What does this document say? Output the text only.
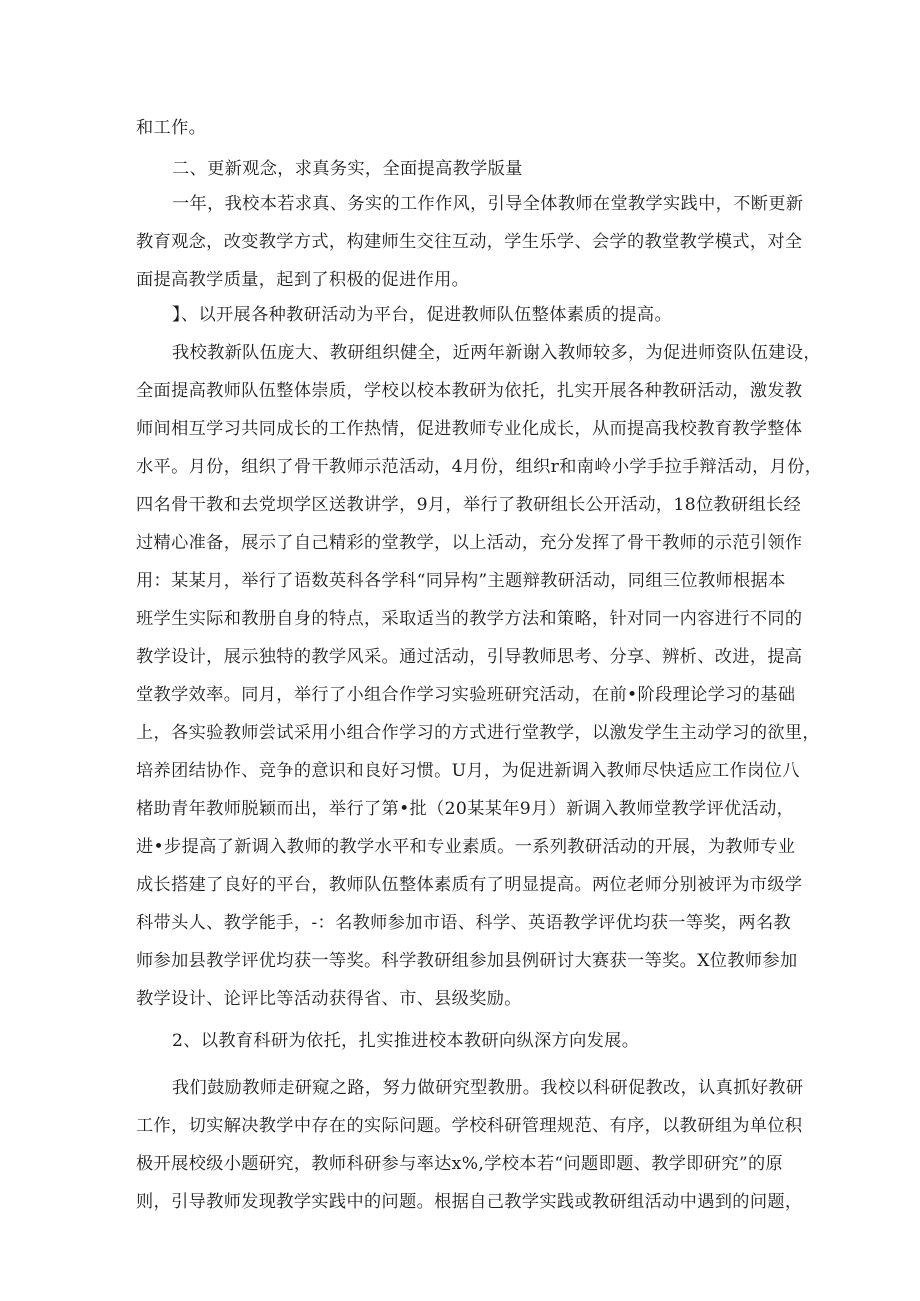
和工作。

二、更新观念，求真务实，全面提高教学版量

一年，我校本若求真、务实的工作作风，引导全体教师在堂教学实践中，不断更新

教育观念，改变教学方式，构建师生交往互动，学生乐学、会学的教堂教学模式，对全

面提高教学质量，起到了积极的促进作用。

】、以开展各种教研活动为平台，促进教师队伍整体素质的提高。

我校教新队伍庞大、教研组织健全，近两年新谢入教师较多，为促进师资队伍建设，

全面提高教师队伍整体崇质，学校以校本教研为依托，扎实开展各种教研活动，激发教

师间相互学习共同成长的工作热情，促进教师专业化成长，从而提高我校教育教学整体

水平。月份，组织了骨干教师示范活动，4月份，组织r和南岭小学手拉手辩活动，月份，

四名骨干教和去党坝学区送教讲学，9月，举行了教研组长公开活动，18位教研组长经

过精心准备，展示了自己精彩的堂教学，以上活动，充分发挥了骨干教师的示范引领作

用：某某月，举行了语数英科各学科“同异构”主题辩教研活动，同组三位教师根据本

班学生实际和教册自身的特点，采取适当的教学方法和策略，针对同一内容进行不同的

教学设计，展示独特的教学风采。通过活动，引导教师思考、分享、辨析、改进，提高

堂教学效率。同月，举行了小组合作学习实验班研究活动，在前•阶段理论学习的基础

上，各实验教师尝试采用小组合作学习的方式进行堂教学，以激发学生主动学习的欲里，

培养团结协作、竞争的意识和良好习惯。U月，为促进新调入教师尽快适应工作岗位八

楮助青年教师脱颖而出，举行了第•批（20某某年9月）新调入教师堂教学评优活动，

进•步提高了新调入教师的教学水平和专业素质。一系列教研活动的开展，为教师专业

成长搭建了良好的平台，教师队伍整体素质有了明显提高。两位老师分别被评为市级学

科带头人、教学能手，-：名教师参加市语、科学、英语教学评优均获一等奖，两名教

师参加县教学评优均获一等奖。科学教研组参加县例研讨大赛获一等奖。X位教师参加

教学设计、论评比等活动获得省、市、县级奖励。

2、以教育科研为依托，扎实推进校本教研向纵深方向发展。

我们鼓励教师走研窥之路，努力做研究型教册。我校以科研促教改，认真抓好教研

工作，切实解决教学中存在的实际问题。学校科研管理规范、有序，以教研组为单位积

极开展校级小题研究，教师科研参与率达x%,学校本若“问题即题、教学即研究”的原

则，引导教师发现教学实践中的问题。根据自己教学实践或教研组活动中遇到的问题，
